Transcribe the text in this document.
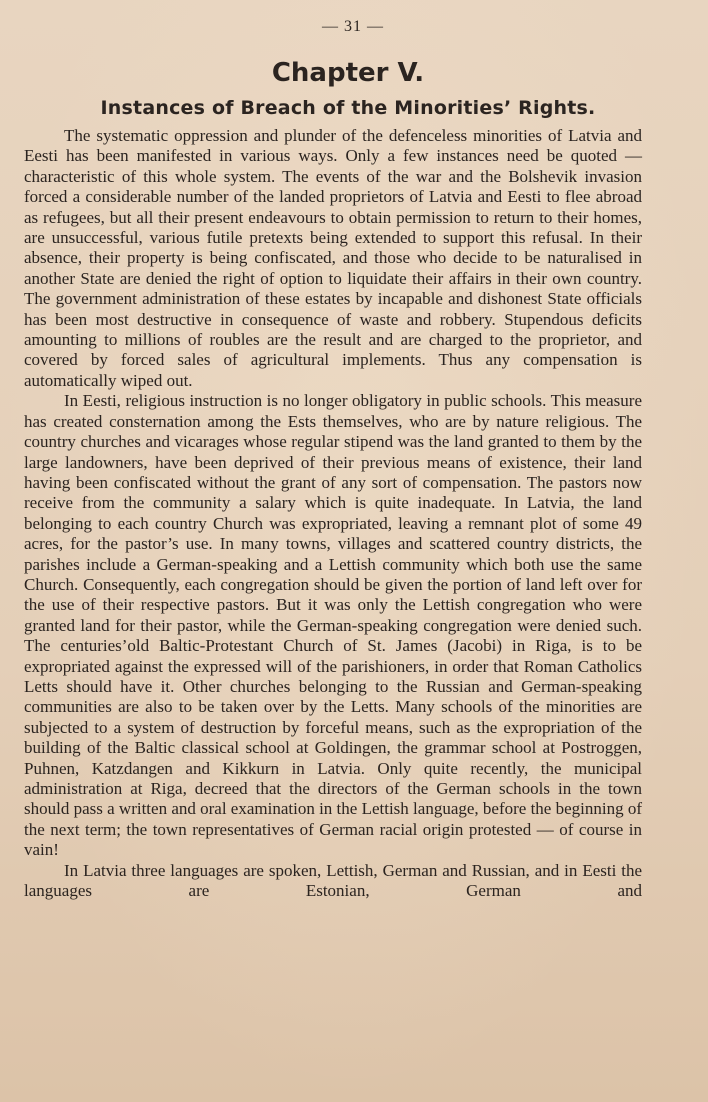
— 31 —
Chapter V.
Instances of Breach of the Minorities’ Rights.

The systematic oppression and plunder of the defenceless minorities of Latvia and Eesti has been manifested in various ways. Only a few instances need be quoted — characteristic of this whole system. The events of the war and the Bolshevik invasion forced a considerable number of the landed proprietors of Latvia and Eesti to flee abroad as refugees, but all their present endeavours to obtain permission to return to their homes, are unsuccessful, various futile pretexts being extended to support this refusal. In their absence, their property is being confiscated, and those who decide to be naturalised in another State are denied the right of option to liquidate their affairs in their own country. The government administration of these estates by incapable and dishonest State officials has been most destructive in consequence of waste and robbery. Stupendous deficits amounting to millions of roubles are the result and are charged to the proprietor, and covered by forced sales of agricultural implements. Thus any compensation is automatically wiped out.

In Eesti, religious instruction is no longer obligatory in public schools. This measure has created consternation among the Ests themselves, who are by nature religious. The country churches and vicarages whose regular stipend was the land granted to them by the large landowners, have been deprived of their previous means of existence, their land having been confiscated without the grant of any sort of compensation. The pastors now receive from the community a salary which is quite inadequate. In Latvia, the land belonging to each country Church was expropriated, leaving a remnant plot of some 49 acres, for the pastor’s use. In many towns, villages and scattered country districts, the parishes include a German-speaking and a Lettish community which both use the same Church. Consequently, each congregation should be given the portion of land left over for the use of their respective pastors. But it was only the Lettish congregation who were granted land for their pastor, while the German-speaking congregation were denied such. The centuries’old Baltic-Protestant Church of St. James (Jacobi) in Riga, is to be expropriated against the expressed will of the parishioners, in order that Roman Catholics Letts should have it. Other churches belonging to the Russian and German-speaking communities are also to be taken over by the Letts. Many schools of the minorities are subjected to a system of destruction by forceful means, such as the expropriation of the building of the Baltic classical school at Goldingen, the grammar school at Postroggen, Puhnen, Katzdangen and Kikkurn in Latvia. Only quite recently, the municipal administration at Riga, decreed that the directors of the German schools in the town should pass a written and oral examination in the Lettish language, before the beginning of the next term; the town representatives of German racial origin protested — of course in vain!

In Latvia three languages are spoken, Lettish, German and Russian, and in Eesti the languages are Estonian, German and
